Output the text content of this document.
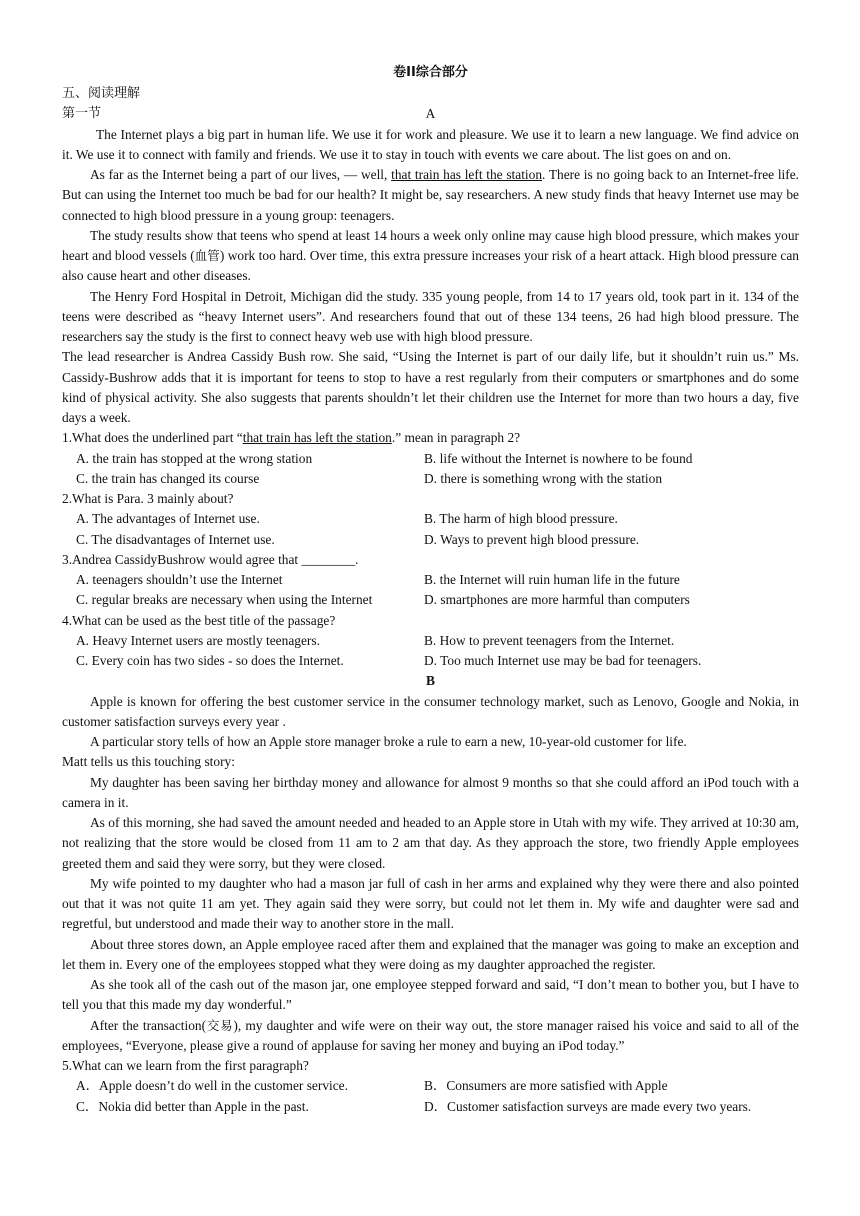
卷II综合部分
五、阅读理解
第一节	A

The Internet plays a big part in human life. We use it for work and pleasure. We use it to learn a new language. We find advice on it. We use it to connect with family and friends. We use it to stay in touch with events we care about. The list goes on and on.

As far as the Internet being a part of our lives, — well, that train has left the station. There is no going back to an Internet-free life. But can using the Internet too much be bad for our health? It might be, say researchers. A new study finds that heavy Internet use may be connected to high blood pressure in a young group: teenagers.

The study results show that teens who spend at least 14 hours a week only online may cause high blood pressure, which makes your heart and blood vessels (血管) work too hard. Over time, this extra pressure increases your risk of a heart attack. High blood pressure can also cause heart and other diseases.

The Henry Ford Hospital in Detroit, Michigan did the study. 335 young people, from 14 to 17 years old, took part in it. 134 of the teens were described as “heavy Internet users”. And researchers found that out of these 134 teens, 26 had high blood pressure. The researchers say the study is the first to connect heavy web use with high blood pressure.

The lead researcher is Andrea Cassidy Bush row. She said, “Using the Internet is part of our daily life, but it shouldn’t ruin us.” Ms. Cassidy-Bushrow adds that it is important for teens to stop to have a rest regularly from their computers or smartphones and do some kind of physical activity. She also suggests that parents shouldn’t let their children use the Internet for more than two hours a day, five days a week.

1.What does the underlined part “that train has left the station.” mean in paragraph 2?
A. the train has stopped at the wrong station	B. life without the Internet is nowhere to be found
C. the train has changed its course	D. there is something wrong with the station
2.What is Para. 3 mainly about?
A. The advantages of Internet use.	B. The harm of high blood pressure.
C. The disadvantages of Internet use.	D. Ways to prevent high blood pressure.
3.Andrea CassidyBushrow would agree that ________.
A. teenagers shouldn’t use the Internet	B. the Internet will ruin human life in the future
C. regular breaks are necessary when using the Internet	D. smartphones are more harmful than computers
4.What can be used as the best title of the passage?
A. Heavy Internet users are mostly teenagers.	B. How to prevent teenagers from the Internet.
C. Every coin has two sides - so does the Internet.	D. Too much Internet use may be bad for teenagers.
B

Apple is known for offering the best customer service in the consumer technology market, such as Lenovo, Google and Nokia, in customer satisfaction surveys every year .

A particular story tells of how an Apple store manager broke a rule to earn a new, 10-year-old customer for life.

Matt tells us this touching story:

My daughter has been saving her birthday money and allowance for almost 9 months so that she could afford an iPod touch with a camera in it.

As of this morning, she had saved the amount needed and headed to an Apple store in Utah with my wife. They arrived at 10:30 am, not realizing that the store would be closed from 11 am to 2 am that day. As they approach the store, two friendly Apple employees greeted them and said they were sorry, but they were closed.

My wife pointed to my daughter who had a mason jar full of cash in her arms and explained why they were there and also pointed out that it was not quite 11 am yet. They again said they were sorry, but could not let them in. My wife and daughter were sad and regretful, but understood and made their way to another store in the mall.

About three stores down, an Apple employee raced after them and explained that the manager was going to make an exception and let them in. Every one of the employees stopped what they were doing as my daughter approached the register.

As she took all of the cash out of the mason jar, one employee stepped forward and said, “I don’t mean to bother you, but I have to tell you that this made my day wonderful.”

After the transaction(交易), my daughter and wife were on their way out, the store manager raised his voice and said to all of the employees, “Everyone, please give a round of applause for saving her money and buying an iPod today.”

5.What can we learn from the first paragraph?
A．Apple doesn’t do well in the customer service.	B．Consumers are more satisfied with Apple
C．Nokia did better than Apple in the past.	D．Customer satisfaction surveys are made every two years.
